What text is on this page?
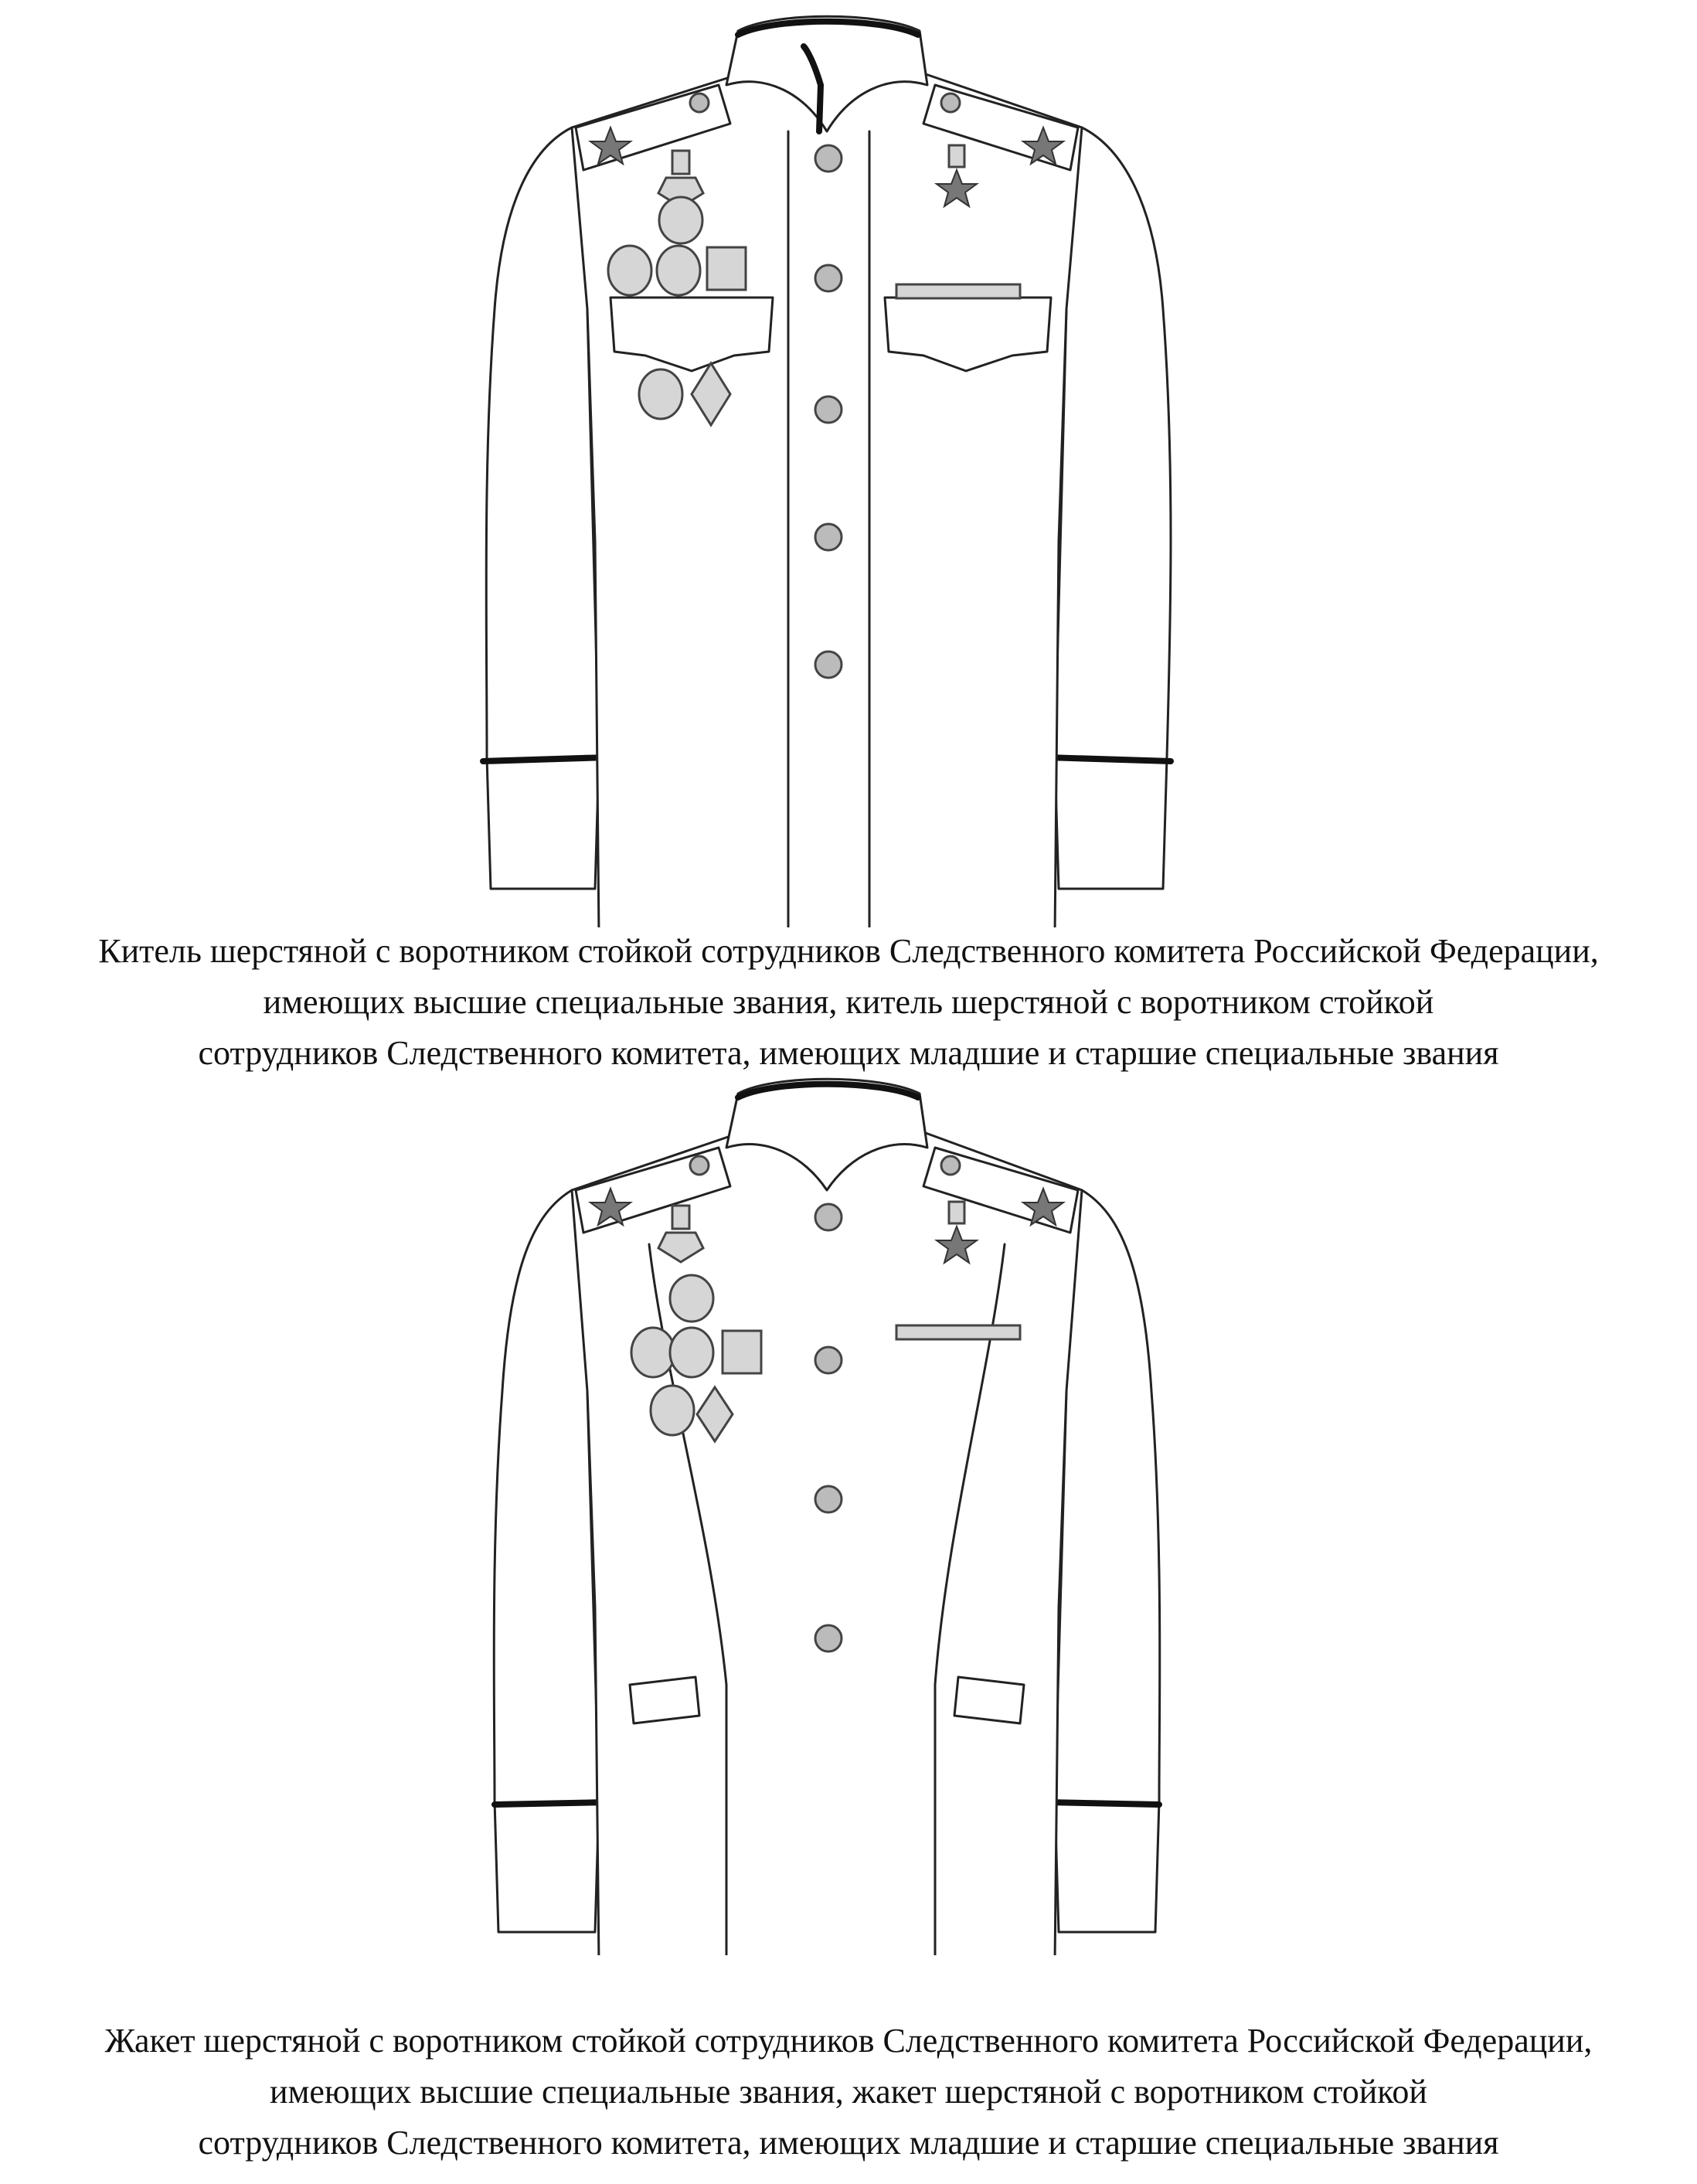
Китель шерстяной с воротником стойкой сотрудников Следственного комитета Российской Федерации,
имеющих высшие специальные звания, китель шерстяной с воротником стойкой
сотрудников Следственного комитета, имеющих младшие и старшие специальные звания
Жакет шерстяной с воротником стойкой сотрудников Следственного комитета Российской Федерации,
имеющих высшие специальные звания, жакет шерстяной с воротником стойкой
сотрудников Следственного комитета, имеющих младшие и старшие специальные звания
